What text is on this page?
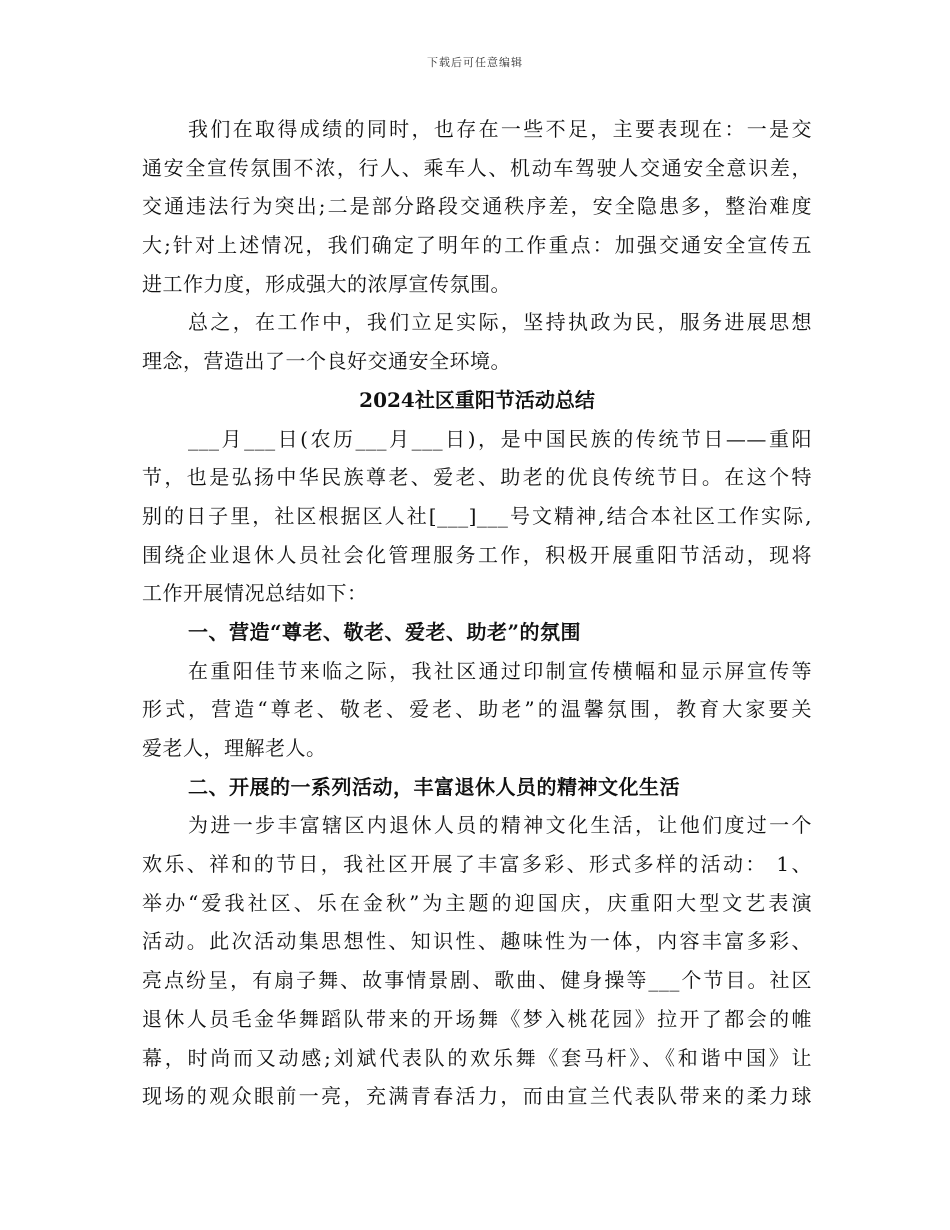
下载后可任意编辑
我们在取得成绩的同时，也存在一些不足，主要表现在：一是交
通安全宣传氛围不浓，行人、乘车人、机动车驾驶人交通安全意识差，
交通违法行为突出;二是部分路段交通秩序差，安全隐患多，整治难度
大;针对上述情况，我们确定了明年的工作重点：加强交通安全宣传五
进工作力度，形成强大的浓厚宣传氛围。
总之，在工作中，我们立足实际，坚持执政为民，服务进展思想
理念，营造出了一个良好交通安全环境。
2024社区重阳节活动总结
___月___日(农历___月___日)，是中国民族的传统节日——重阳
节，也是弘扬中华民族尊老、爱老、助老的优良传统节日。在这个特
别的日子里，社区根据区人社[___]___号文精神,结合本社区工作实际,
围绕企业退休人员社会化管理服务工作，积极开展重阳节活动，现将
工作开展情况总结如下：
一、营造“尊老、敬老、爱老、助老”的氛围
在重阳佳节来临之际，我社区通过印制宣传横幅和显示屏宣传等
形式，营造“尊老、敬老、爱老、助老”的温馨氛围，教育大家要关
爱老人，理解老人。
二、开展的一系列活动，丰富退休人员的精神文化生活
为进一步丰富辖区内退休人员的精神文化生活，让他们度过一个
欢乐、祥和的节日，我社区开展了丰富多彩、形式多样的活动： 1、
举办“爱我社区、乐在金秋”为主题的迎国庆，庆重阳大型文艺表演
活动。此次活动集思想性、知识性、趣味性为一体，内容丰富多彩、
亮点纷呈，有扇子舞、故事情景剧、歌曲、健身操等___个节目。社区
退休人员毛金华舞蹈队带来的开场舞《梦入桃花园》拉开了都会的帷
幕，时尚而又动感;刘斌代表队的欢乐舞《套马杆》、《和谐中国》让
现场的观众眼前一亮，充满青春活力，而由宣兰代表队带来的柔力球
